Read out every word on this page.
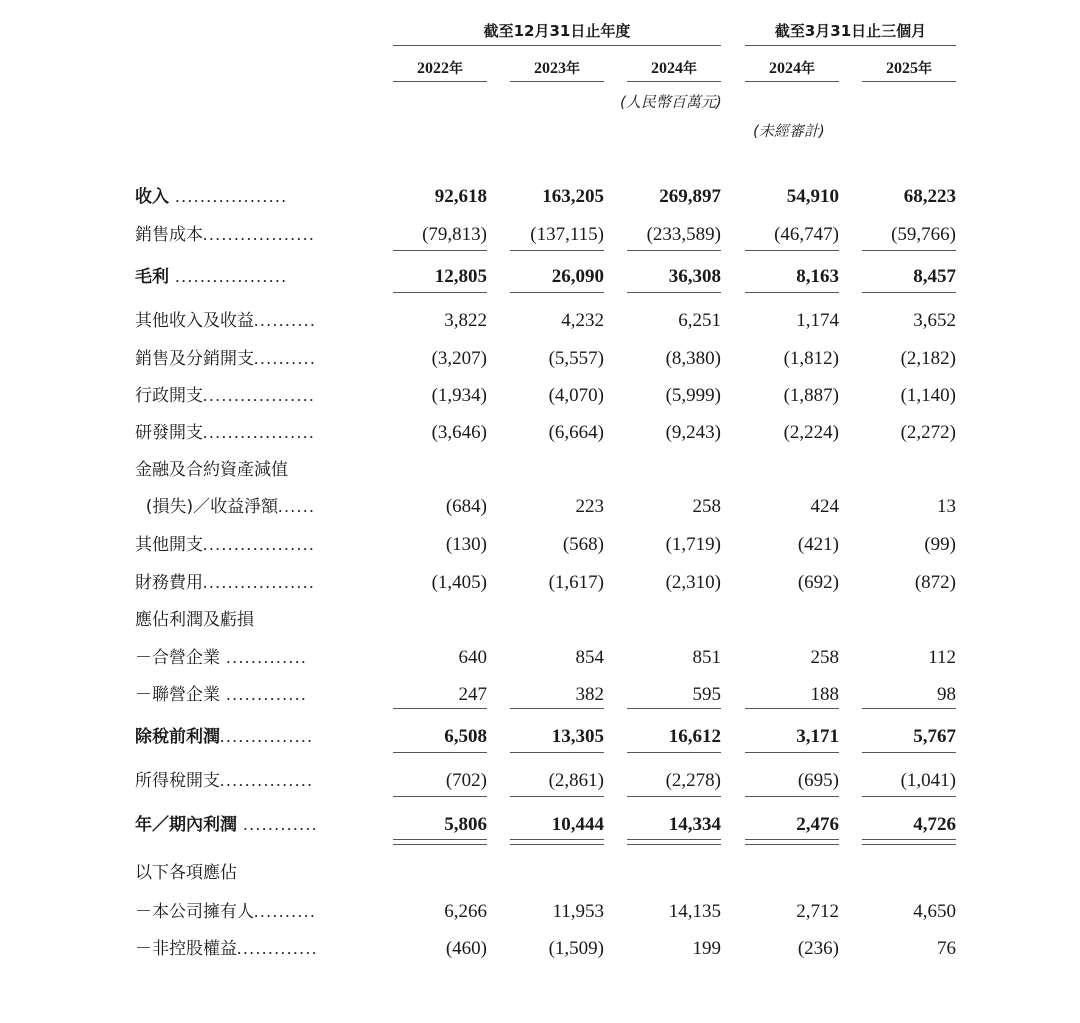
截至12月31日止年度	截至3月31日止三個月
2022年	2023年	2024年	2024年	2025年
(人民幣百萬元)
(未經審計)
收入 ..................	92,618	163,205	269,897	54,910	68,223
銷售成本..................	(79,813)	(137,115)	(233,589)	(46,747)	(59,766)
毛利 ..................	12,805	26,090	36,308	8,163	8,457
其他收入及收益..........	3,822	4,232	6,251	1,174	3,652
銷售及分銷開支..........	(3,207)	(5,557)	(8,380)	(1,812)	(2,182)
行政開支..................	(1,934)	(4,070)	(5,999)	(1,887)	(1,140)
研發開支..................	(3,646)	(6,664)	(9,243)	(2,224)	(2,272)
金融及合約資產減值
(損失)／收益淨額......	(684)	223	258	424	13
其他開支..................	(130)	(568)	(1,719)	(421)	(99)
財務費用..................	(1,405)	(1,617)	(2,310)	(692)	(872)
應佔利潤及虧損
－合營企業 .............	640	854	851	258	112
－聯營企業 .............	247	382	595	188	98
除稅前利潤...............	6,508	13,305	16,612	3,171	5,767
所得稅開支...............	(702)	(2,861)	(2,278)	(695)	(1,041)
年／期內利潤 ............	5,806	10,444	14,334	2,476	4,726
以下各項應佔
－本公司擁有人..........	6,266	11,953	14,135	2,712	4,650
－非控股權益.............	(460)	(1,509)	199	(236)	76
